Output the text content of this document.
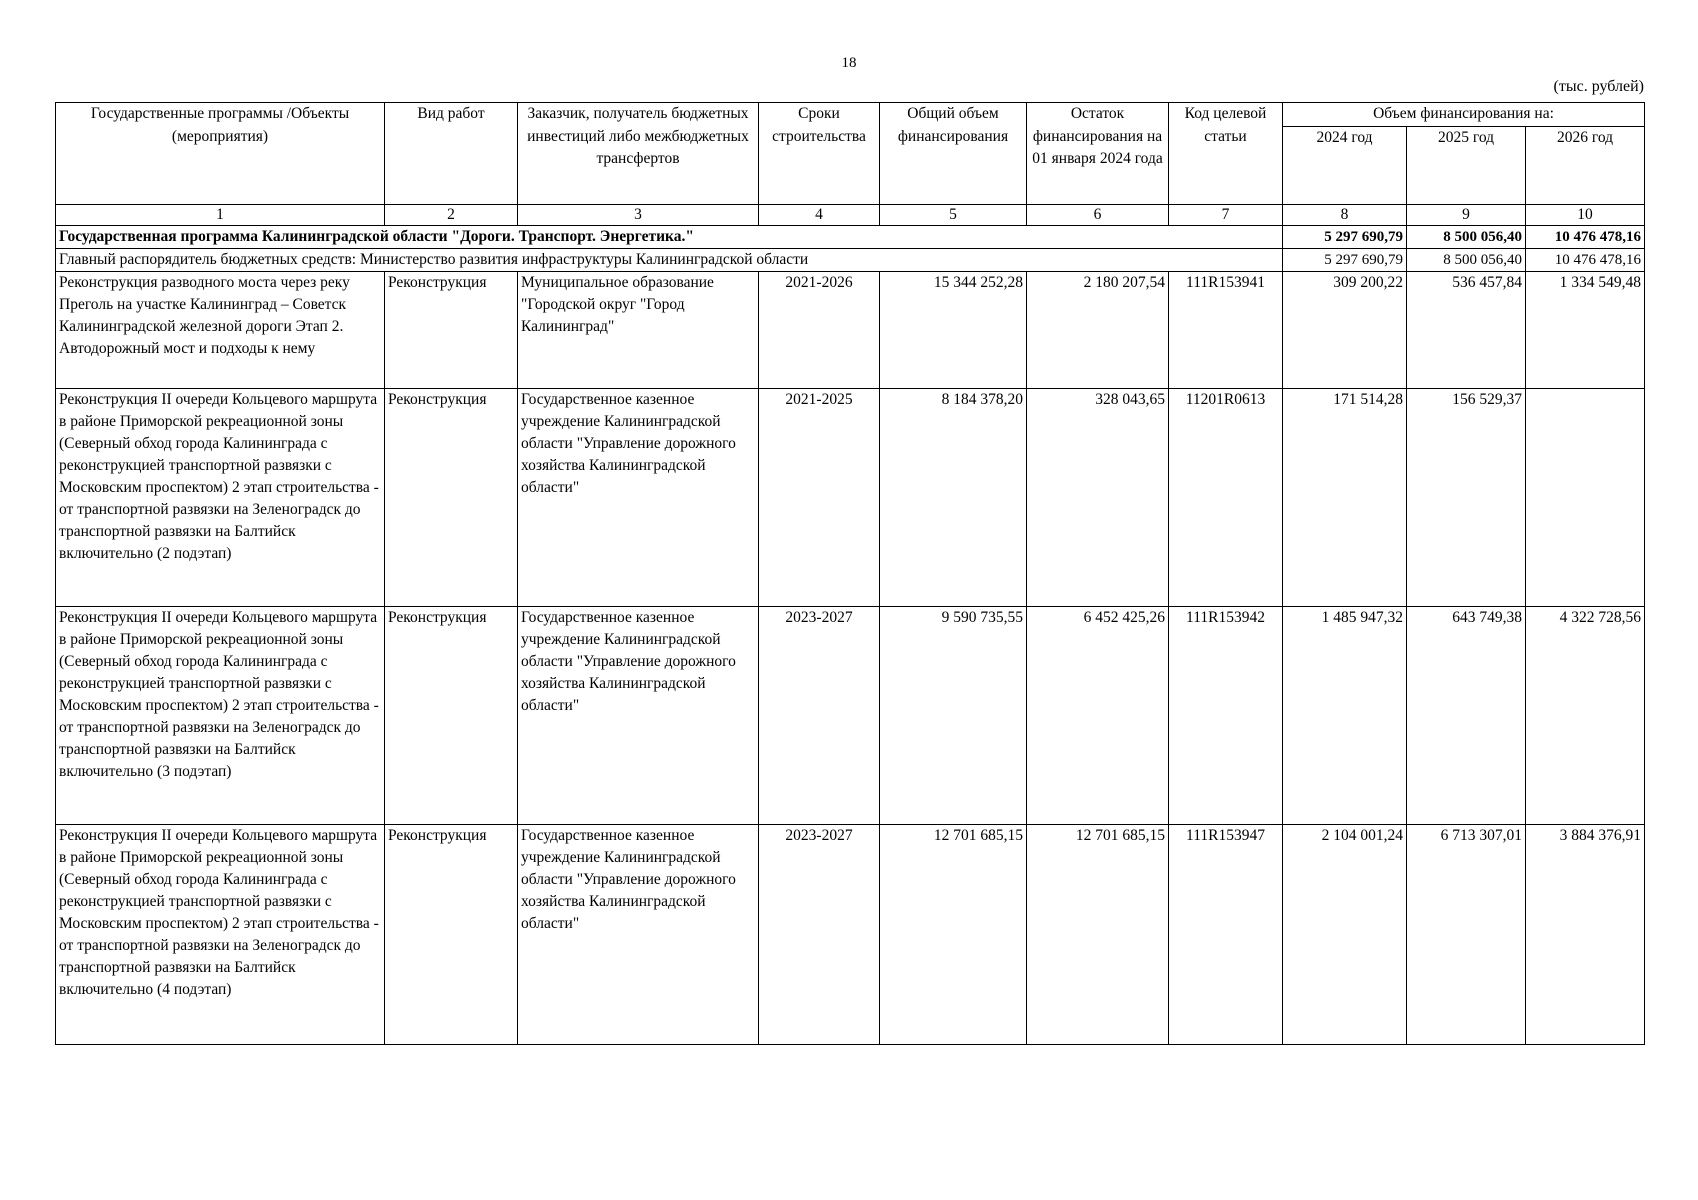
18
(тыс. рублей)
Государственные программы /Объекты (мероприятия)	Вид работ	Заказчик, получатель бюджетных инвестиций либо межбюджетных трансфертов	Сроки строительства	Общий объем финансирования	Остаток финансирования на 01 января 2024 года	Код целевой статьи	Объем финансирования на:		
							2024 год	2025 год	2026 год
1	2	3	4	5	6	7	8	9	10
Государственная программа Калининградской области "Дороги. Транспорт. Энергетика."							5 297 690,79	8 500 056,40	10 476 478,16
Главный распорядитель бюджетных средств: Министерство развития инфраструктуры Калининградской области							5 297 690,79	8 500 056,40	10 476 478,16
Реконструкция разводного моста через реку Преголь на участке Калининград – Советск Калининградской железной дороги Этап 2. Автодорожный мост и подходы к нему	Реконструкция	Муниципальное образование "Городской округ "Город Калининград"	2021-2026	15 344 252,28	2 180 207,54	111R153941	309 200,22	536 457,84	1 334 549,48
Реконструкция II очереди Кольцевого маршрута в районе Приморской рекреационной зоны (Северный обход города Калининграда с реконструкцией транспортной развязки с Московским проспектом) 2 этап строительства - от транспортной развязки на Зеленоградск до транспортной развязки на Балтийск включительно (2 подэтап)	Реконструкция	Государственное казенное учреждение Калининградской области "Управление дорожного хозяйства Калининградской области"	2021-2025	8 184 378,20	328 043,65	11201R0613	171 514,28	156 529,37	
Реконструкция II очереди Кольцевого маршрута в районе Приморской рекреационной зоны (Северный обход города Калининграда с реконструкцией транспортной развязки с Московским проспектом) 2 этап строительства - от транспортной развязки на Зеленоградск до транспортной развязки на Балтийск включительно (3 подэтап)	Реконструкция	Государственное казенное учреждение Калининградской области "Управление дорожного хозяйства Калининградской области"	2023-2027	9 590 735,55	6 452 425,26	111R153942	1 485 947,32	643 749,38	4 322 728,56
Реконструкция II очереди Кольцевого маршрута в районе Приморской рекреационной зоны (Северный обход города Калининграда с реконструкцией транспортной развязки с Московским проспектом) 2 этап строительства - от транспортной развязки на Зеленоградск до транспортной развязки на Балтийск включительно (4 подэтап)	Реконструкция	Государственное казенное учреждение Калининградской области "Управление дорожного хозяйства Калининградской области"	2023-2027	12 701 685,15	12 701 685,15	111R153947	2 104 001,24	6 713 307,01	3 884 376,91
